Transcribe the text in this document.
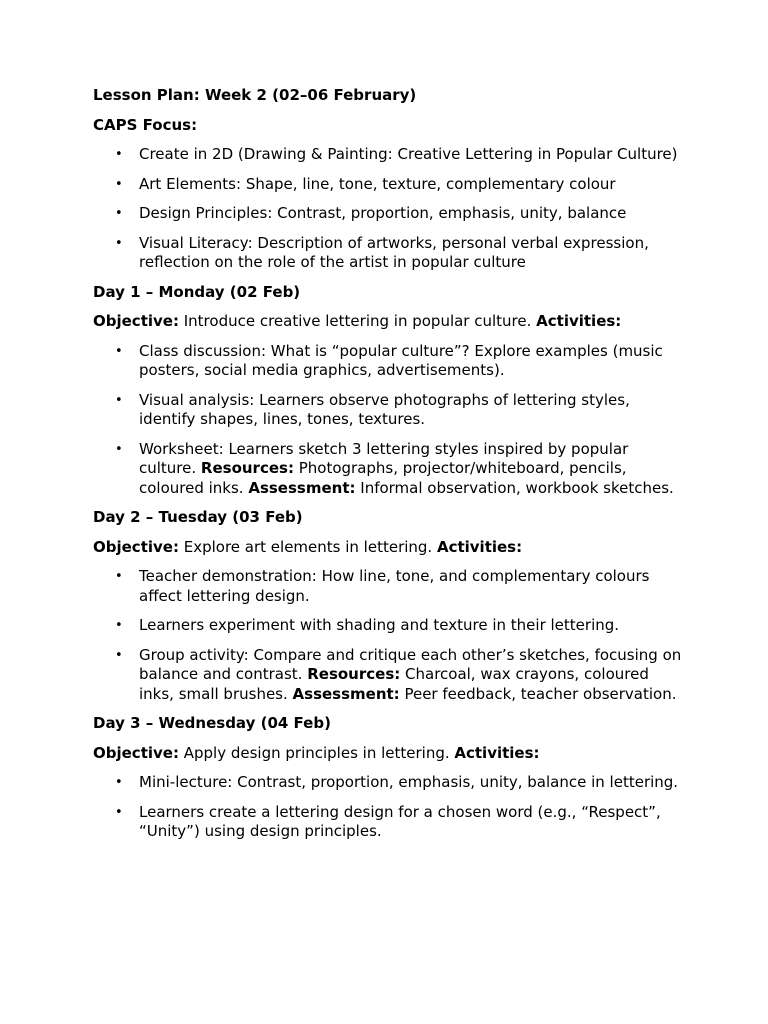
Lesson Plan: Week 2 (02–06 February)

CAPS Focus:

• Create in 2D (Drawing & Painting: Creative Lettering in Popular Culture)
• Art Elements: Shape, line, tone, texture, complementary colour
• Design Principles: Contrast, proportion, emphasis, unity, balance
• Visual Literacy: Description of artworks, personal verbal expression, reflection on the role of the artist in popular culture

Day 1 – Monday (02 Feb)

Objective: Introduce creative lettering in popular culture. Activities:

• Class discussion: What is “popular culture”? Explore examples (music posters, social media graphics, advertisements).
• Visual analysis: Learners observe photographs of lettering styles, identify shapes, lines, tones, textures.
• Worksheet: Learners sketch 3 lettering styles inspired by popular culture. Resources: Photographs, projector/whiteboard, pencils, coloured inks. Assessment: Informal observation, workbook sketches.

Day 2 – Tuesday (03 Feb)

Objective: Explore art elements in lettering. Activities:

• Teacher demonstration: How line, tone, and complementary colours affect lettering design.
• Learners experiment with shading and texture in their lettering.
• Group activity: Compare and critique each other’s sketches, focusing on balance and contrast. Resources: Charcoal, wax crayons, coloured inks, small brushes. Assessment: Peer feedback, teacher observation.

Day 3 – Wednesday (04 Feb)

Objective: Apply design principles in lettering. Activities:

• Mini-lecture: Contrast, proportion, emphasis, unity, balance in lettering.
• Learners create a lettering design for a chosen word (e.g., “Respect”, “Unity”) using design principles.
